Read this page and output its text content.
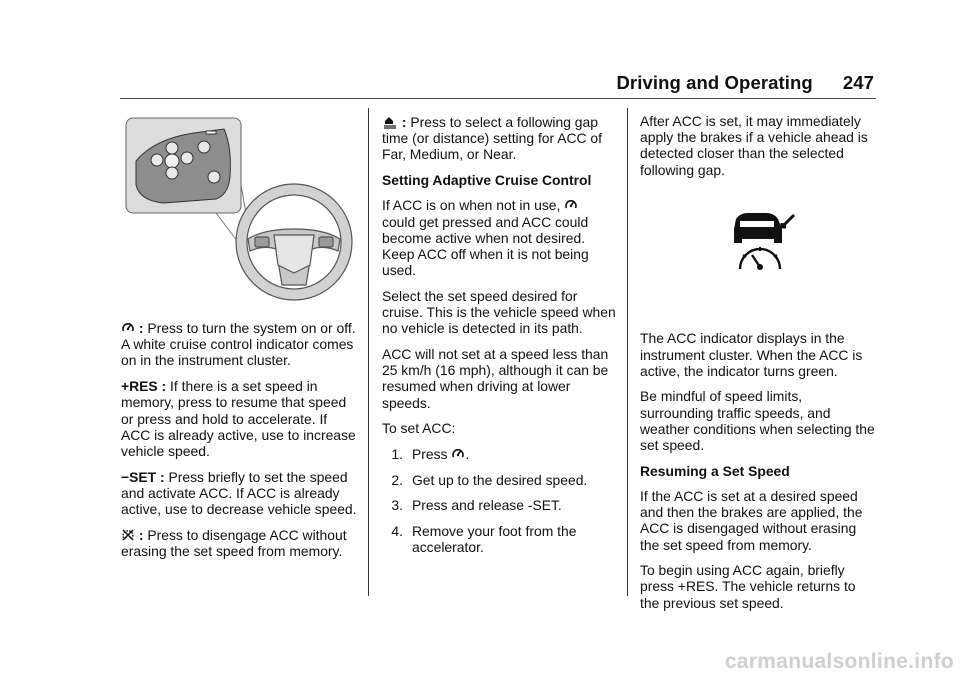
Driving and Operating 247

: Press to turn the system on or off. A white cruise control indicator comes on in the instrument cluster.

+RES : If there is a set speed in memory, press to resume that speed or press and hold to accelerate. If ACC is already active, use to increase vehicle speed.

−SET : Press briefly to set the speed and activate ACC. If ACC is already active, use to decrease vehicle speed.

: Press to disengage ACC without erasing the set speed from memory.

: Press to select a following gap time (or distance) setting for ACC of Far, Medium, or Near.

Setting Adaptive Cruise Control

If ACC is on when not in use,
could get pressed and ACC could become active when not desired. Keep ACC off when it is not being used.

Select the set speed desired for cruise. This is the vehicle speed when no vehicle is detected in its path.

ACC will not set at a speed less than 25 km/h (16 mph), although it can be resumed when driving at lower speeds.

To set ACC:

1. Press .
2. Get up to the desired speed.
3. Press and release -SET.
4. Remove your foot from the accelerator.

After ACC is set, it may immediately apply the brakes if a vehicle ahead is detected closer than the selected following gap.

The ACC indicator displays in the instrument cluster. When the ACC is active, the indicator turns green.

Be mindful of speed limits, surrounding traffic speeds, and weather conditions when selecting the set speed.

Resuming a Set Speed

If the ACC is set at a desired speed and then the brakes are applied, the ACC is disengaged without erasing the set speed from memory.

To begin using ACC again, briefly press +RES. The vehicle returns to the previous set speed.

carmanualsonline.info
